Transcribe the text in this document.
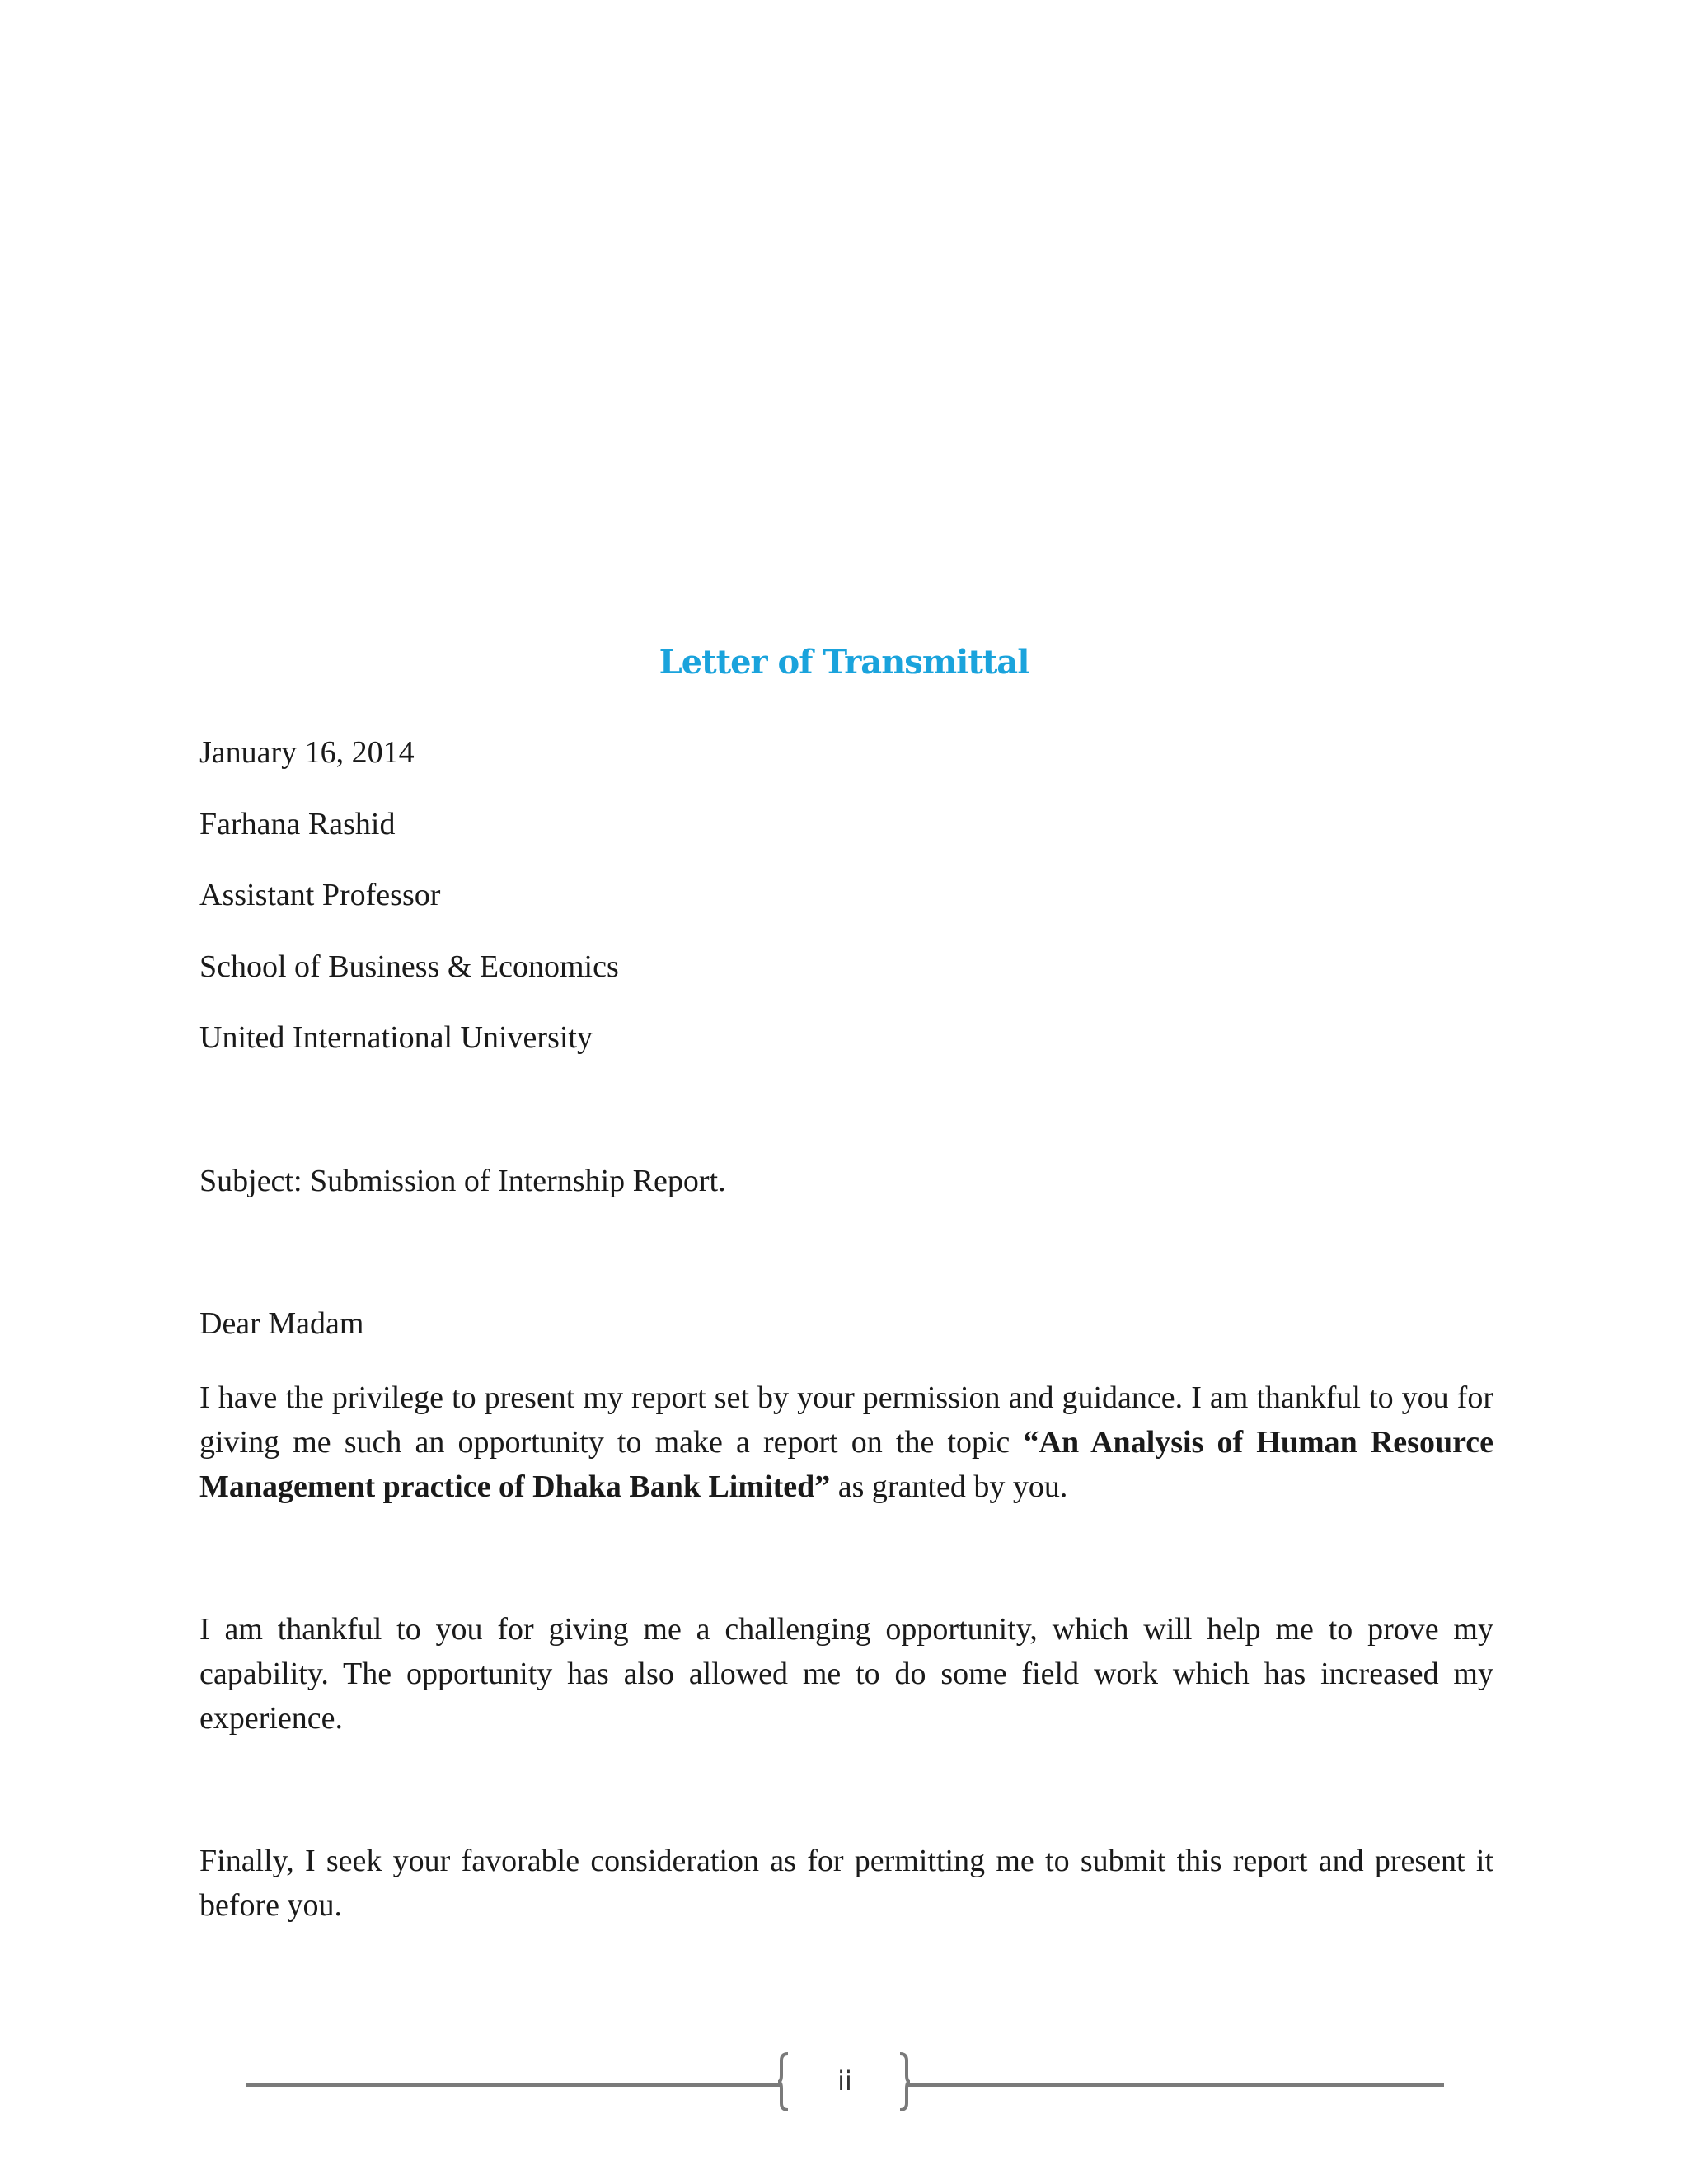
Letter of Transmittal

January 16, 2014

Farhana Rashid

Assistant Professor

School of Business & Economics

United International University

Subject: Submission of Internship Report.

Dear Madam

I have the privilege to present my report set by your permission and guidance. I am thankful to you for giving me such an opportunity to make a report on the topic “An Analysis of Human Resource Management practice of Dhaka Bank Limited” as granted by you.

I am thankful to you for giving me a challenging opportunity, which will help me to prove my capability. The opportunity has also allowed me to do some field work which has increased my experience.

Finally, I seek your favorable consideration as for permitting me to submit this report and present it before you.

ii
